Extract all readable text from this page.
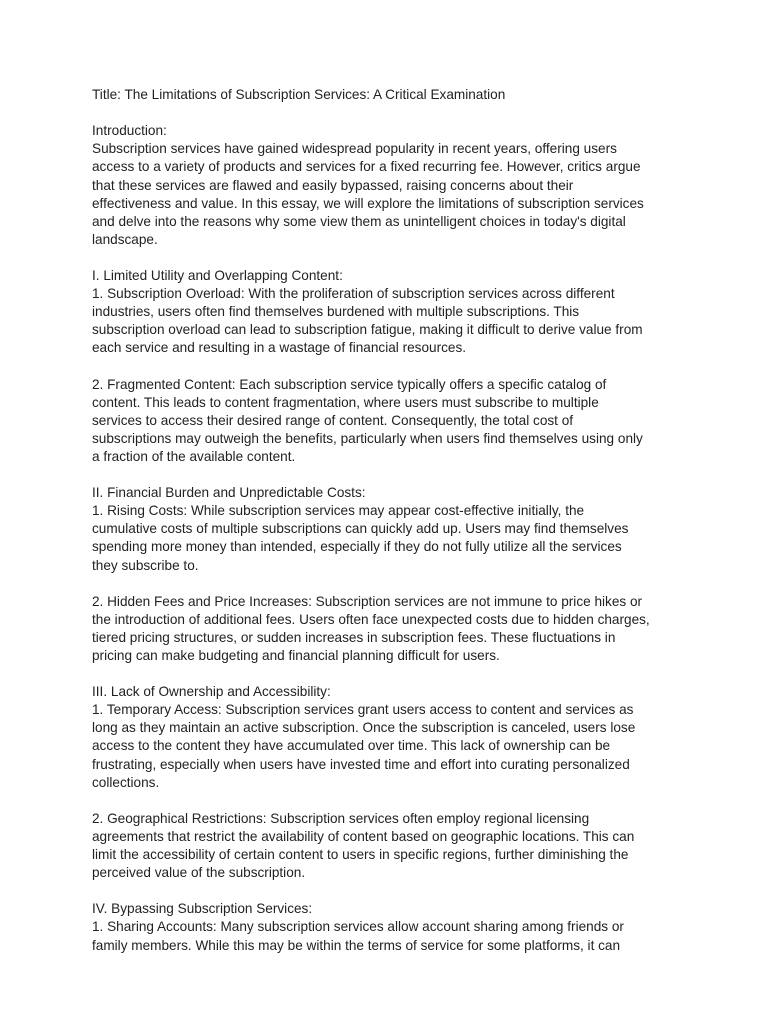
Title: The Limitations of Subscription Services: A Critical Examination
Introduction:
Subscription services have gained widespread popularity in recent years, offering users
access to a variety of products and services for a fixed recurring fee. However, critics argue
that these services are flawed and easily bypassed, raising concerns about their
effectiveness and value. In this essay, we will explore the limitations of subscription services
and delve into the reasons why some view them as unintelligent choices in today's digital
landscape.
I. Limited Utility and Overlapping Content:
1. Subscription Overload: With the proliferation of subscription services across different
industries, users often find themselves burdened with multiple subscriptions. This
subscription overload can lead to subscription fatigue, making it difficult to derive value from
each service and resulting in a wastage of financial resources.
2. Fragmented Content: Each subscription service typically offers a specific catalog of
content. This leads to content fragmentation, where users must subscribe to multiple
services to access their desired range of content. Consequently, the total cost of
subscriptions may outweigh the benefits, particularly when users find themselves using only
a fraction of the available content.
II. Financial Burden and Unpredictable Costs:
1. Rising Costs: While subscription services may appear cost-effective initially, the
cumulative costs of multiple subscriptions can quickly add up. Users may find themselves
spending more money than intended, especially if they do not fully utilize all the services
they subscribe to.
2. Hidden Fees and Price Increases: Subscription services are not immune to price hikes or
the introduction of additional fees. Users often face unexpected costs due to hidden charges,
tiered pricing structures, or sudden increases in subscription fees. These fluctuations in
pricing can make budgeting and financial planning difficult for users.
III. Lack of Ownership and Accessibility:
1. Temporary Access: Subscription services grant users access to content and services as
long as they maintain an active subscription. Once the subscription is canceled, users lose
access to the content they have accumulated over time. This lack of ownership can be
frustrating, especially when users have invested time and effort into curating personalized
collections.
2. Geographical Restrictions: Subscription services often employ regional licensing
agreements that restrict the availability of content based on geographic locations. This can
limit the accessibility of certain content to users in specific regions, further diminishing the
perceived value of the subscription.
IV. Bypassing Subscription Services:
1. Sharing Accounts: Many subscription services allow account sharing among friends or
family members. While this may be within the terms of service for some platforms, it can
